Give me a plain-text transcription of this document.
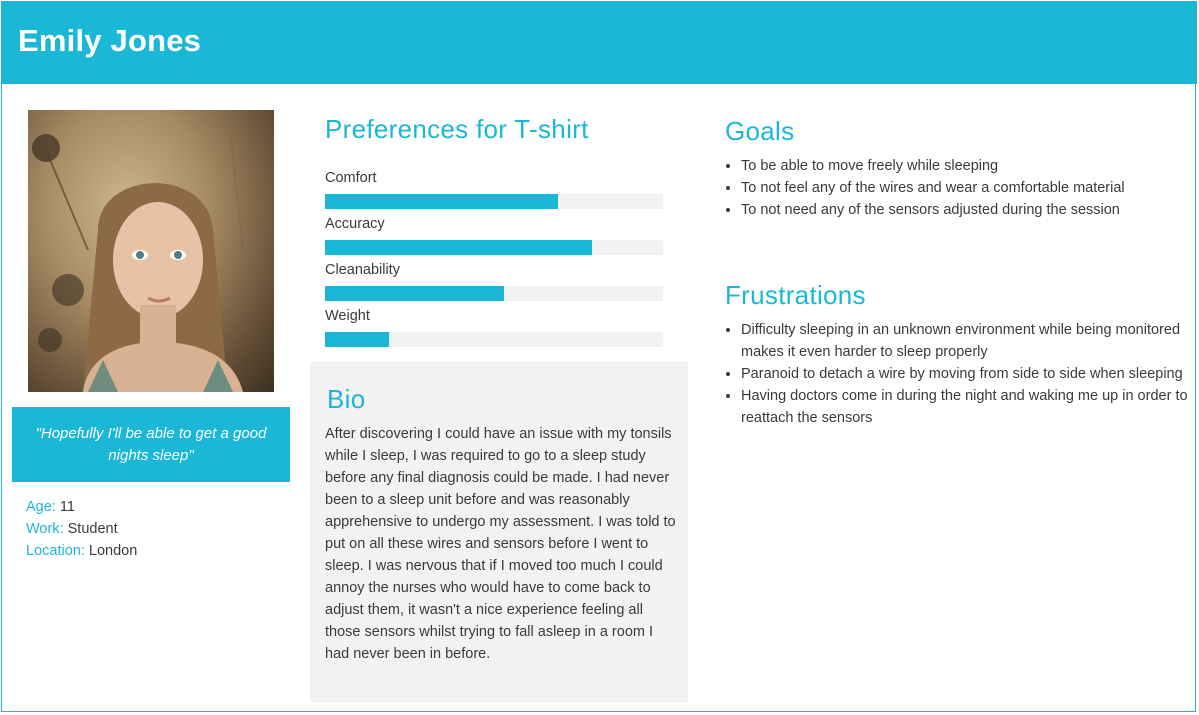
Emily Jones
"Hopefully I'll be able to get a good nights sleep"
Age: 11
Work: Student
Location: London
Preferences for T-shirt
Comfort
Accuracy
Cleanability
Weight
Bio
After discovering I could have an issue with my tonsils while I sleep, I was required to go to a sleep study before any final diagnosis could be made. I had never been to a sleep unit before and was reasonably apprehensive to undergo my assessment. I was told to put on all these wires and sensors before I went to sleep. I was nervous that if I moved too much I could annoy the nurses who would have to come back to adjust them, it wasn't a nice experience feeling all those sensors whilst trying to fall asleep in a room I had never been in before.
Goals
• To be able to move freely while sleeping
• To not feel any of the wires and wear a comfortable material
• To not need any of the sensors adjusted during the session
Frustrations
• Difficulty sleeping in an unknown environment while being monitored makes it even harder to sleep properly
• Paranoid to detach a wire by moving from side to side when sleeping
• Having doctors come in during the night and waking me up in order to reattach the sensors
